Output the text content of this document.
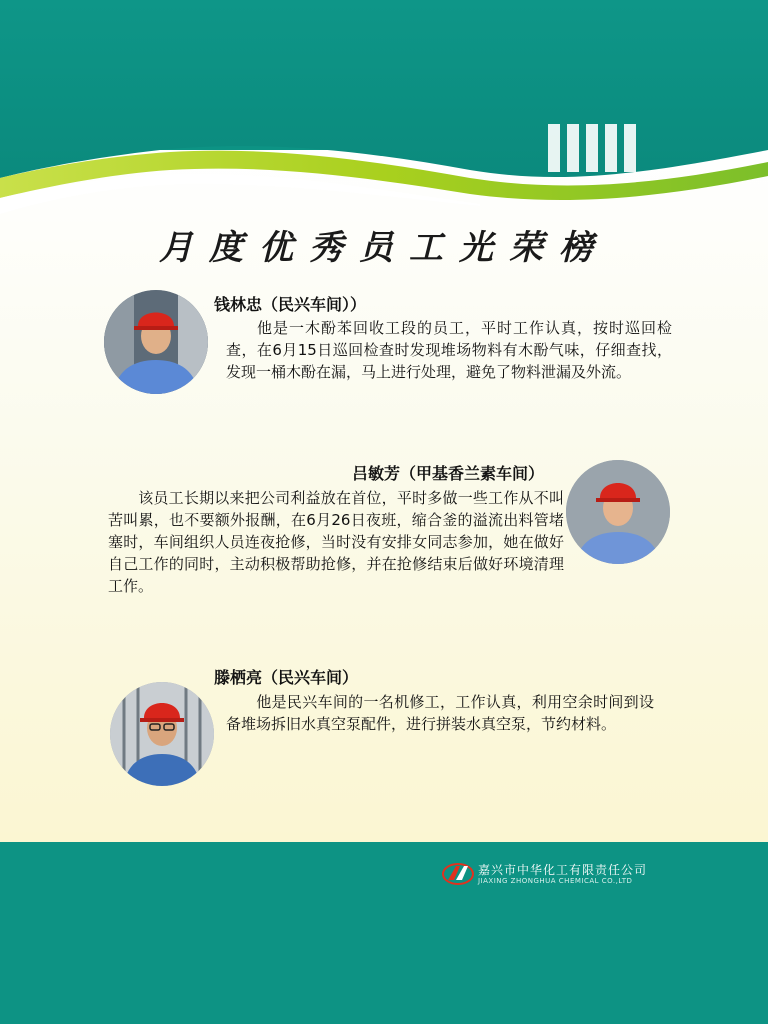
月度优秀员工光荣榜
钱林忠（民兴车间））
他是一木酚苯回收工段的员工，平时工作认真，按时巡回检查，在6月15日巡回检查时发现堆场物料有木酚气味，仔细查找，发现一桶木酚在漏，马上进行处理，避免了物料泄漏及外流。
吕敏芳（甲基香兰素车间）
该员工长期以来把公司利益放在首位，平时多做一些工作从不叫苦叫累，也不要额外报酬，在6月26日夜班，缩合釜的溢流出料管堵塞时，车间组织人员连夜抢修，当时没有安排女同志参加，她在做好自己工作的同时，主动积极帮助抢修，并在抢修结束后做好环境清理工作。
滕栖亮（民兴车间）
他是民兴车间的一名机修工，工作认真，利用空余时间到设备堆场拆旧水真空泵配件，进行拼装水真空泵，节约材料。
嘉兴市中华化工有限责任公司
JIAXING ZHONGHUA CHEMICAL CO.,LTD
